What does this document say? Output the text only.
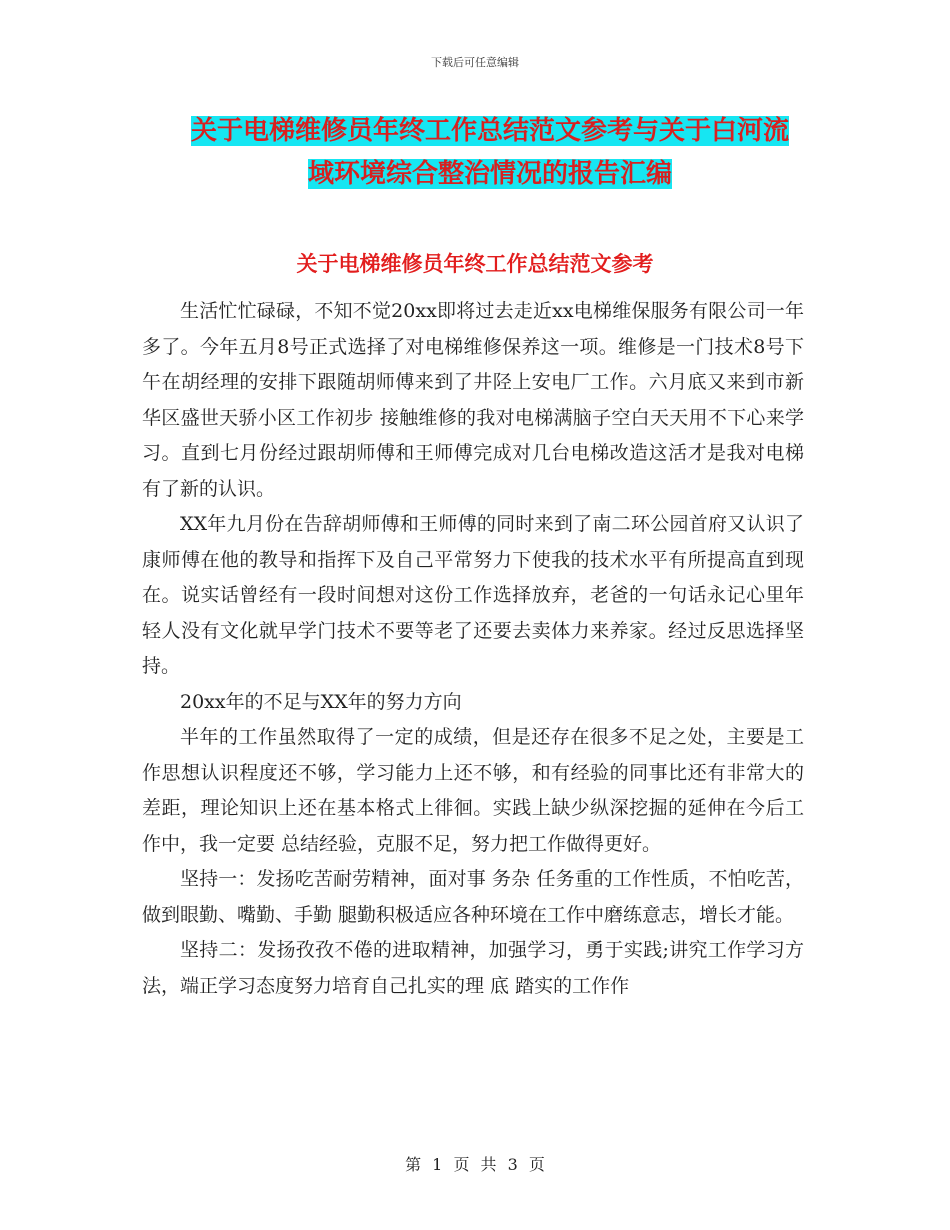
下载后可任意编辑
关于电梯维修员年终工作总结范文参考与关于白河流
域环境综合整治情况的报告汇编
关于电梯维修员年终工作总结范文参考

生活忙忙碌碌，不知不觉20xx即将过去走近xx电梯维保服务有限公司一年多了。今年五月8号正式选择了对电梯维修保养这一项。维修是一门技术8号下午在胡经理的安排下跟随胡师傅来到了井陉上安电厂工作。六月底又来到市新华区盛世天骄小区工作初步 接触维修的我对电梯满脑子空白天天用不下心来学习。直到七月份经过跟胡师傅和王师傅完成对几台电梯改造这活才是我对电梯有了新的认识。

XX年九月份在告辞胡师傅和王师傅的同时来到了南二环公园首府又认识了康师傅在他的教导和指挥下及自己平常努力下使我的技术水平有所提高直到现在。说实话曾经有一段时间想对这份工作选择放弃，老爸的一句话永记心里年轻人没有文化就早学门技术不要等老了还要去卖体力来养家。经过反思选择坚持。

20xx年的不足与XX年的努力方向

半年的工作虽然取得了一定的成绩，但是还存在很多不足之处，主要是工作思想认识程度还不够，学习能力上还不够，和有经验的同事比还有非常大的差距，理论知识上还在基本格式上徘徊。实践上缺少纵深挖掘的延伸在今后工作中，我一定要 总结经验，克服不足，努力把工作做得更好。

坚持一：发扬吃苦耐劳精神，面对事 务杂 任务重的工作性质，不怕吃苦，做到眼勤、嘴勤、手勤 腿勤积极适应各种环境在工作中磨练意志，增长才能。

坚持二：发扬孜孜不倦的进取精神，加强学习，勇于实践;讲究工作学习方法，端正学习态度努力培育自己扎实的理 底 踏实的工作作

第 1 页 共 3 页
